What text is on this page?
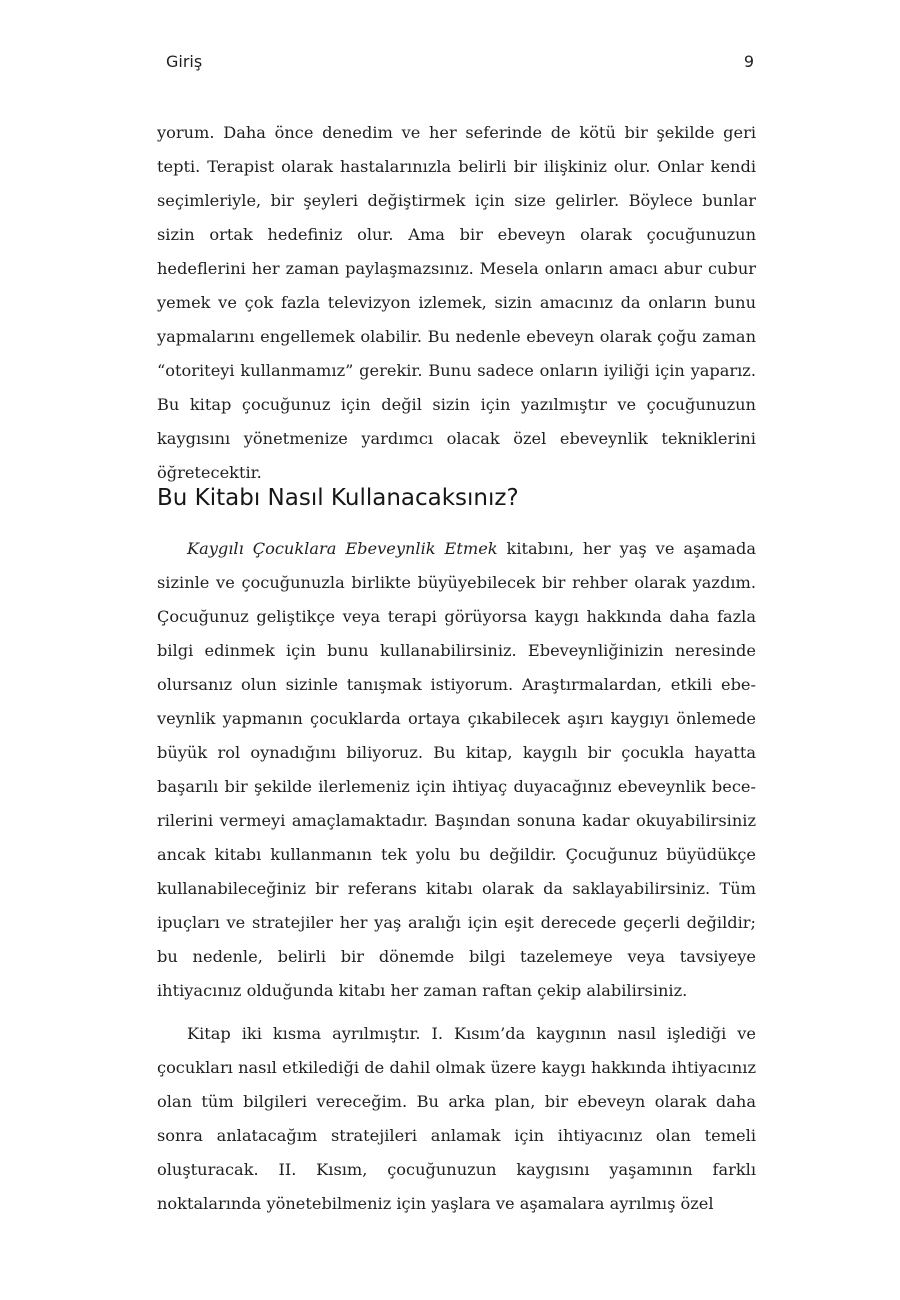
Giriş	9

yorum. Daha önce denedim ve her seferinde de kötü bir şekilde geri tepti. Terapist olarak hastalarınızla belirli bir ilişkiniz olur. Onlar kendi seçimleriyle, bir şeyleri değiştirmek için size gelirler. Böylece bunlar sizin ortak hedefiniz olur. Ama bir ebeveyn olarak çocuğunuzun hedeflerini her zaman paylaşmazsınız. Mesela onların amacı abur cubur yemek ve çok fazla televizyon izlemek, sizin amacınız da onların bunu yapmalarını engellemek olabilir. Bu nedenle ebeveyn olarak çoğu zaman “otoriteyi kullanmamız” gerekir. Bunu sadece onların iyiliği için yaparız. Bu kitap çocuğunuz için değil sizin için yazılmıştır ve çocuğunuzun kaygısını yönetmenize yardımcı olacak özel ebeveynlik tekniklerini öğretecektir.

Bu Kitabı Nasıl Kullanacaksınız?

Kaygılı Çocuklara Ebeveynlik Etmek kitabını, her yaş ve aşamada sizinle ve çocuğunuzla birlikte büyüyebilecek bir rehber olarak yazdım. Çocuğunuz geliştikçe veya terapi görüyorsa kaygı hakkında daha fazla bilgi edinmek için bunu kullanabilirsiniz. Ebeveynliğinizin neresinde olursanız olun sizinle tanışmak istiyorum. Araştırmalardan, etkili ebeveynlik yapmanın çocuklarda ortaya çıkabilecek aşırı kaygıyı önlemede büyük rol oynadığını biliyoruz. Bu kitap, kaygılı bir çocukla hayatta başarılı bir şekilde ilerlemeniz için ihtiyaç duyacağınız ebeveynlik becerilerini vermeyi amaçlamaktadır. Başından sonuna kadar okuyabilirsiniz ancak kitabı kullanmanın tek yolu bu değildir. Çocuğunuz büyüdükçe kullanabileceğiniz bir referans kitabı olarak da saklayabilirsiniz. Tüm ipuçları ve stratejiler her yaş aralığı için eşit derecede geçerli değildir; bu nedenle, belirli bir dönemde bilgi tazelemeye veya tavsiyeye ihtiyacınız olduğunda kitabı her zaman raftan çekip alabilirsiniz.

Kitap iki kısma ayrılmıştır. I. Kısım’da kaygının nasıl işlediği ve çocukları nasıl etkilediği de dahil olmak üzere kaygı hakkında ihtiyacınız olan tüm bilgileri vereceğim. Bu arka plan, bir ebeveyn olarak daha sonra anlatacağım stratejileri anlamak için ihtiyacınız olan temeli oluşturacak. II. Kısım, çocuğunuzun kaygısını yaşamının farklı noktalarında yönetebilmeniz için yaşlara ve aşamalara ayrılmış özel
